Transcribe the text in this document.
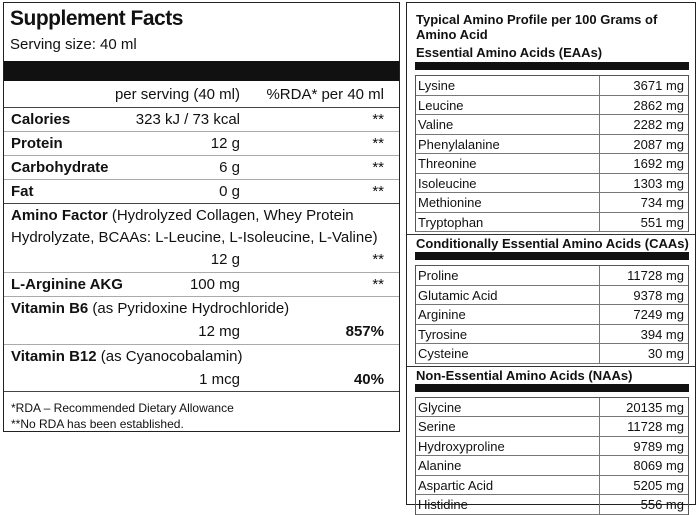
Supplement Facts
Serving size: 40 ml
per serving (40 ml) %RDA* per 40 ml
Calories	323 kJ / 73 kcal	**
Protein	12 g	**
Carbohydrate	6 g	**
Fat	0 g	**
Amino Factor (Hydrolyzed Collagen, Whey Protein
Hydrolyzate, BCAAs: L-Leucine, L-Isoleucine, L-Valine)
12 g	**
L-Arginine AKG	100 mg	**
Vitamin B6 (as Pyridoxine Hydrochloride)
12 mg	857%
Vitamin B12 (as Cyanocobalamin)
1 mcg	40%
*RDA – Recommended Dietary Allowance
**No RDA has been established.
Typical Amino Profile per 100 Grams of Amino Acid
Essential Amino Acids (EAAs)
Lysine	3671 mg
Leucine	2862 mg
Valine	2282 mg
Phenylalanine	2087 mg
Threonine	1692 mg
Isoleucine	1303 mg
Methionine	734 mg
Tryptophan	551 mg
Conditionally Essential Amino Acids (CAAs)
Proline	11728 mg
Glutamic Acid	9378 mg
Arginine	7249 mg
Tyrosine	394 mg
Cysteine	30 mg
Non-Essential Amino Acids (NAAs)
Glycine	20135 mg
Serine	11728 mg
Hydroxyproline	9789 mg
Alanine	8069 mg
Aspartic Acid	5205 mg
Histidine	556 mg
